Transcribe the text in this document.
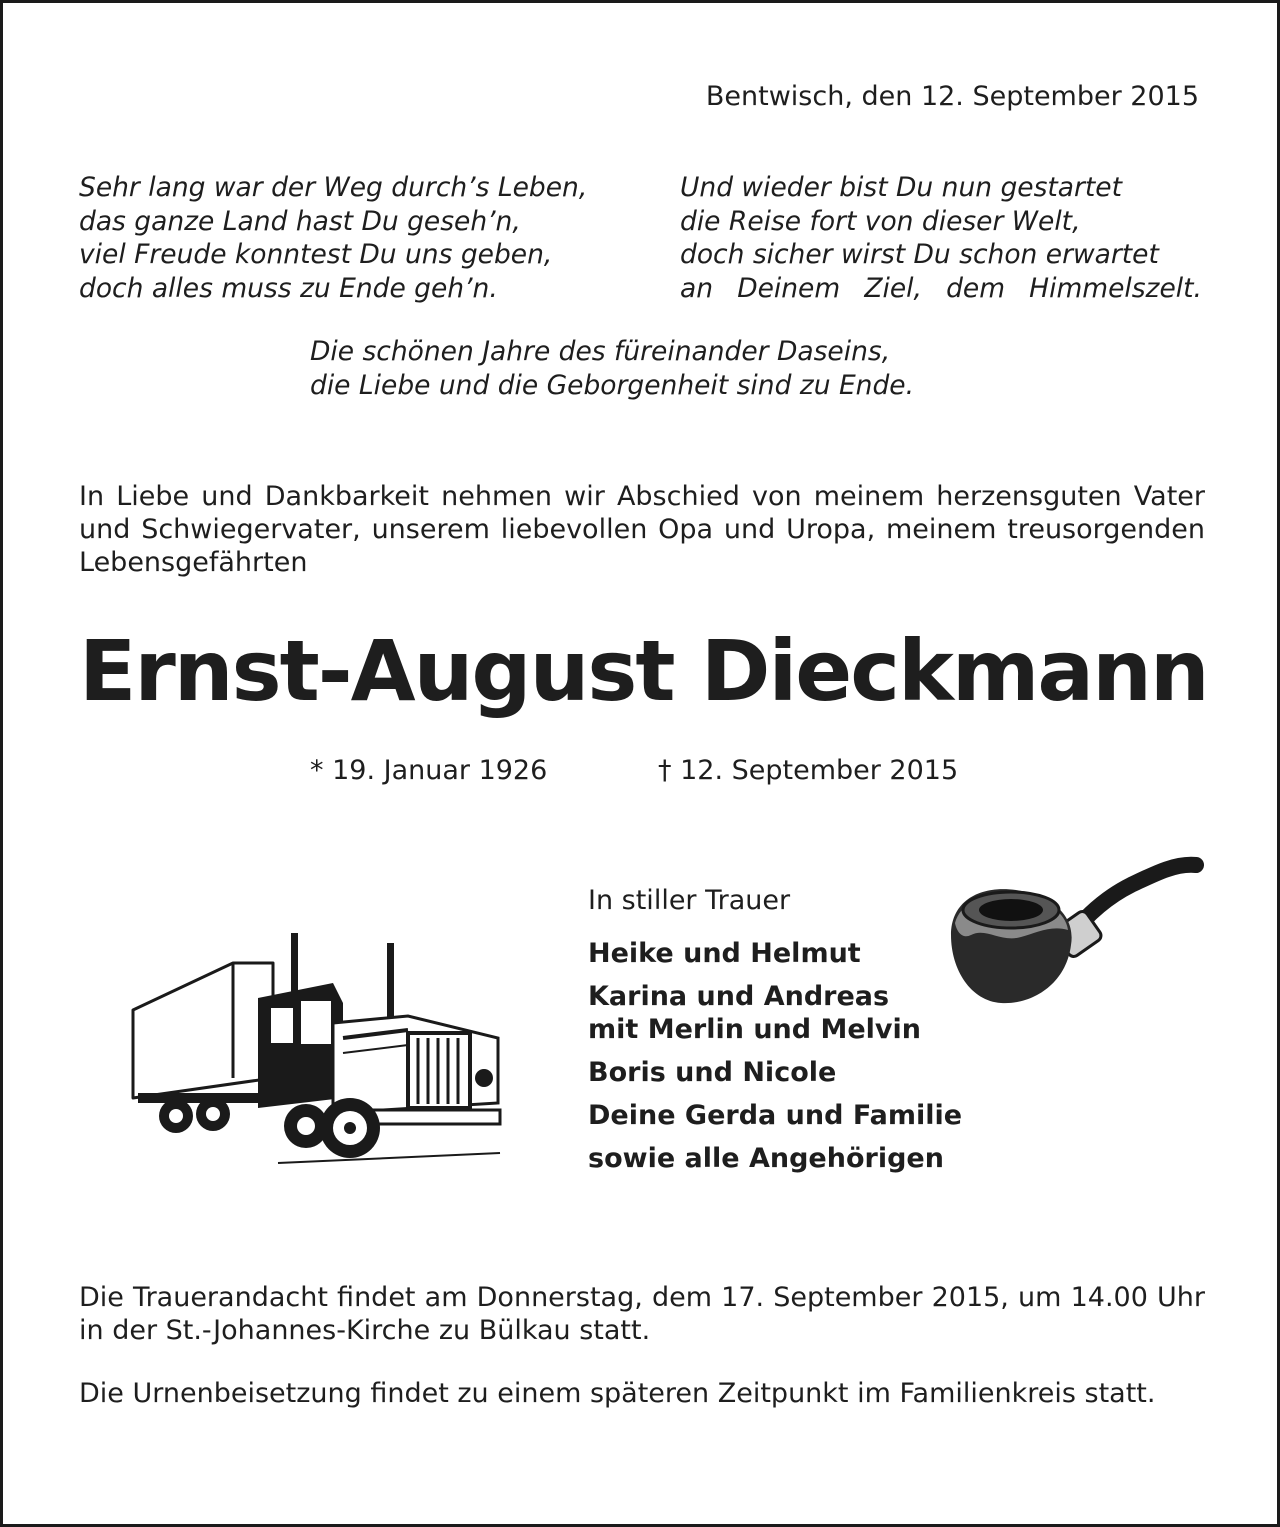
Bentwisch, den 12. September 2015
Sehr lang war der Weg durch’s Leben,
das ganze Land hast Du geseh’n,
viel Freude konntest Du uns geben,
doch alles muss zu Ende geh’n.
Und wieder bist Du nun gestartet
die Reise fort von dieser Welt,
doch sicher wirst Du schon erwartet
an Deinem Ziel, dem Himmelszelt.
Die schönen Jahre des füreinander Daseins,
die Liebe und die Geborgenheit sind zu Ende.
In Liebe und Dankbarkeit nehmen wir Abschied von meinem herzensguten Vater und Schwiegervater, unserem liebevollen Opa und Uropa, meinem treusorgenden Lebensgefährten
Ernst-August Dieckmann
* 19. Januar 1926	† 12. September 2015
In stiller Trauer
Heike und Helmut
Karina und Andreas
mit Merlin und Melvin
Boris und Nicole
Deine Gerda und Familie
sowie alle Angehörigen
Die Trauerandacht findet am Donnerstag, dem 17. September 2015, um 14.00 Uhr in der St.-Johannes-Kirche zu Bülkau statt.
Die Urnenbeisetzung findet zu einem späteren Zeitpunkt im Familienkreis statt.
